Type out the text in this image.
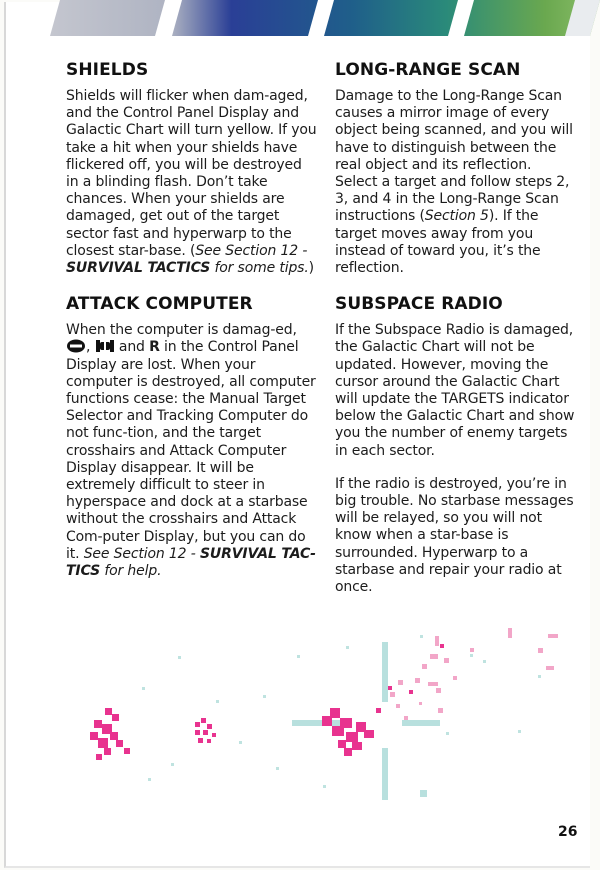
SHIELDS

Shields will flicker when dam-aged, and the Control Panel Display and Galactic Chart will turn yellow. If you take a hit when your shields have flickered off, you will be destroyed in a blinding flash. Don’t take chances. When your shields are damaged, get out of the target sector fast and hyperwarp to the closest star-base. (See Section 12 - SURVIVAL TACTICS for some tips.)

ATTACK COMPUTER

When the computer is damag-ed, ,  and R in the Control Panel Display are lost. When your computer is destroyed, all computer functions cease: the Manual Target Selector and Tracking Computer do not func-tion, and the target crosshairs and Attack Computer Display disappear. It will be extremely difficult to steer in hyperspace and dock at a starbase without the crosshairs and Attack Com-puter Display, but you can do it. See Section 12 - SURVIVAL TAC-TICS for help.

LONG-RANGE SCAN

Damage to the Long-Range Scan causes a mirror image of every object being scanned, and you will have to distinguish between the real object and its reflection. Select a target and follow steps 2, 3, and 4 in the Long-Range Scan instructions (Section 5). If the target moves away from you instead of toward you, it’s the reflection.

SUBSPACE RADIO

If the Subspace Radio is damaged, the Galactic Chart will not be updated. However, moving the cursor around the Galactic Chart will update the TARGETS indicator below the Galactic Chart and show you the number of enemy targets in each sector.

If the radio is destroyed, you’re in big trouble. No starbase messages will be relayed, so you will not know when a star-base is surrounded. Hyperwarp to a starbase and repair your radio at once.

26
